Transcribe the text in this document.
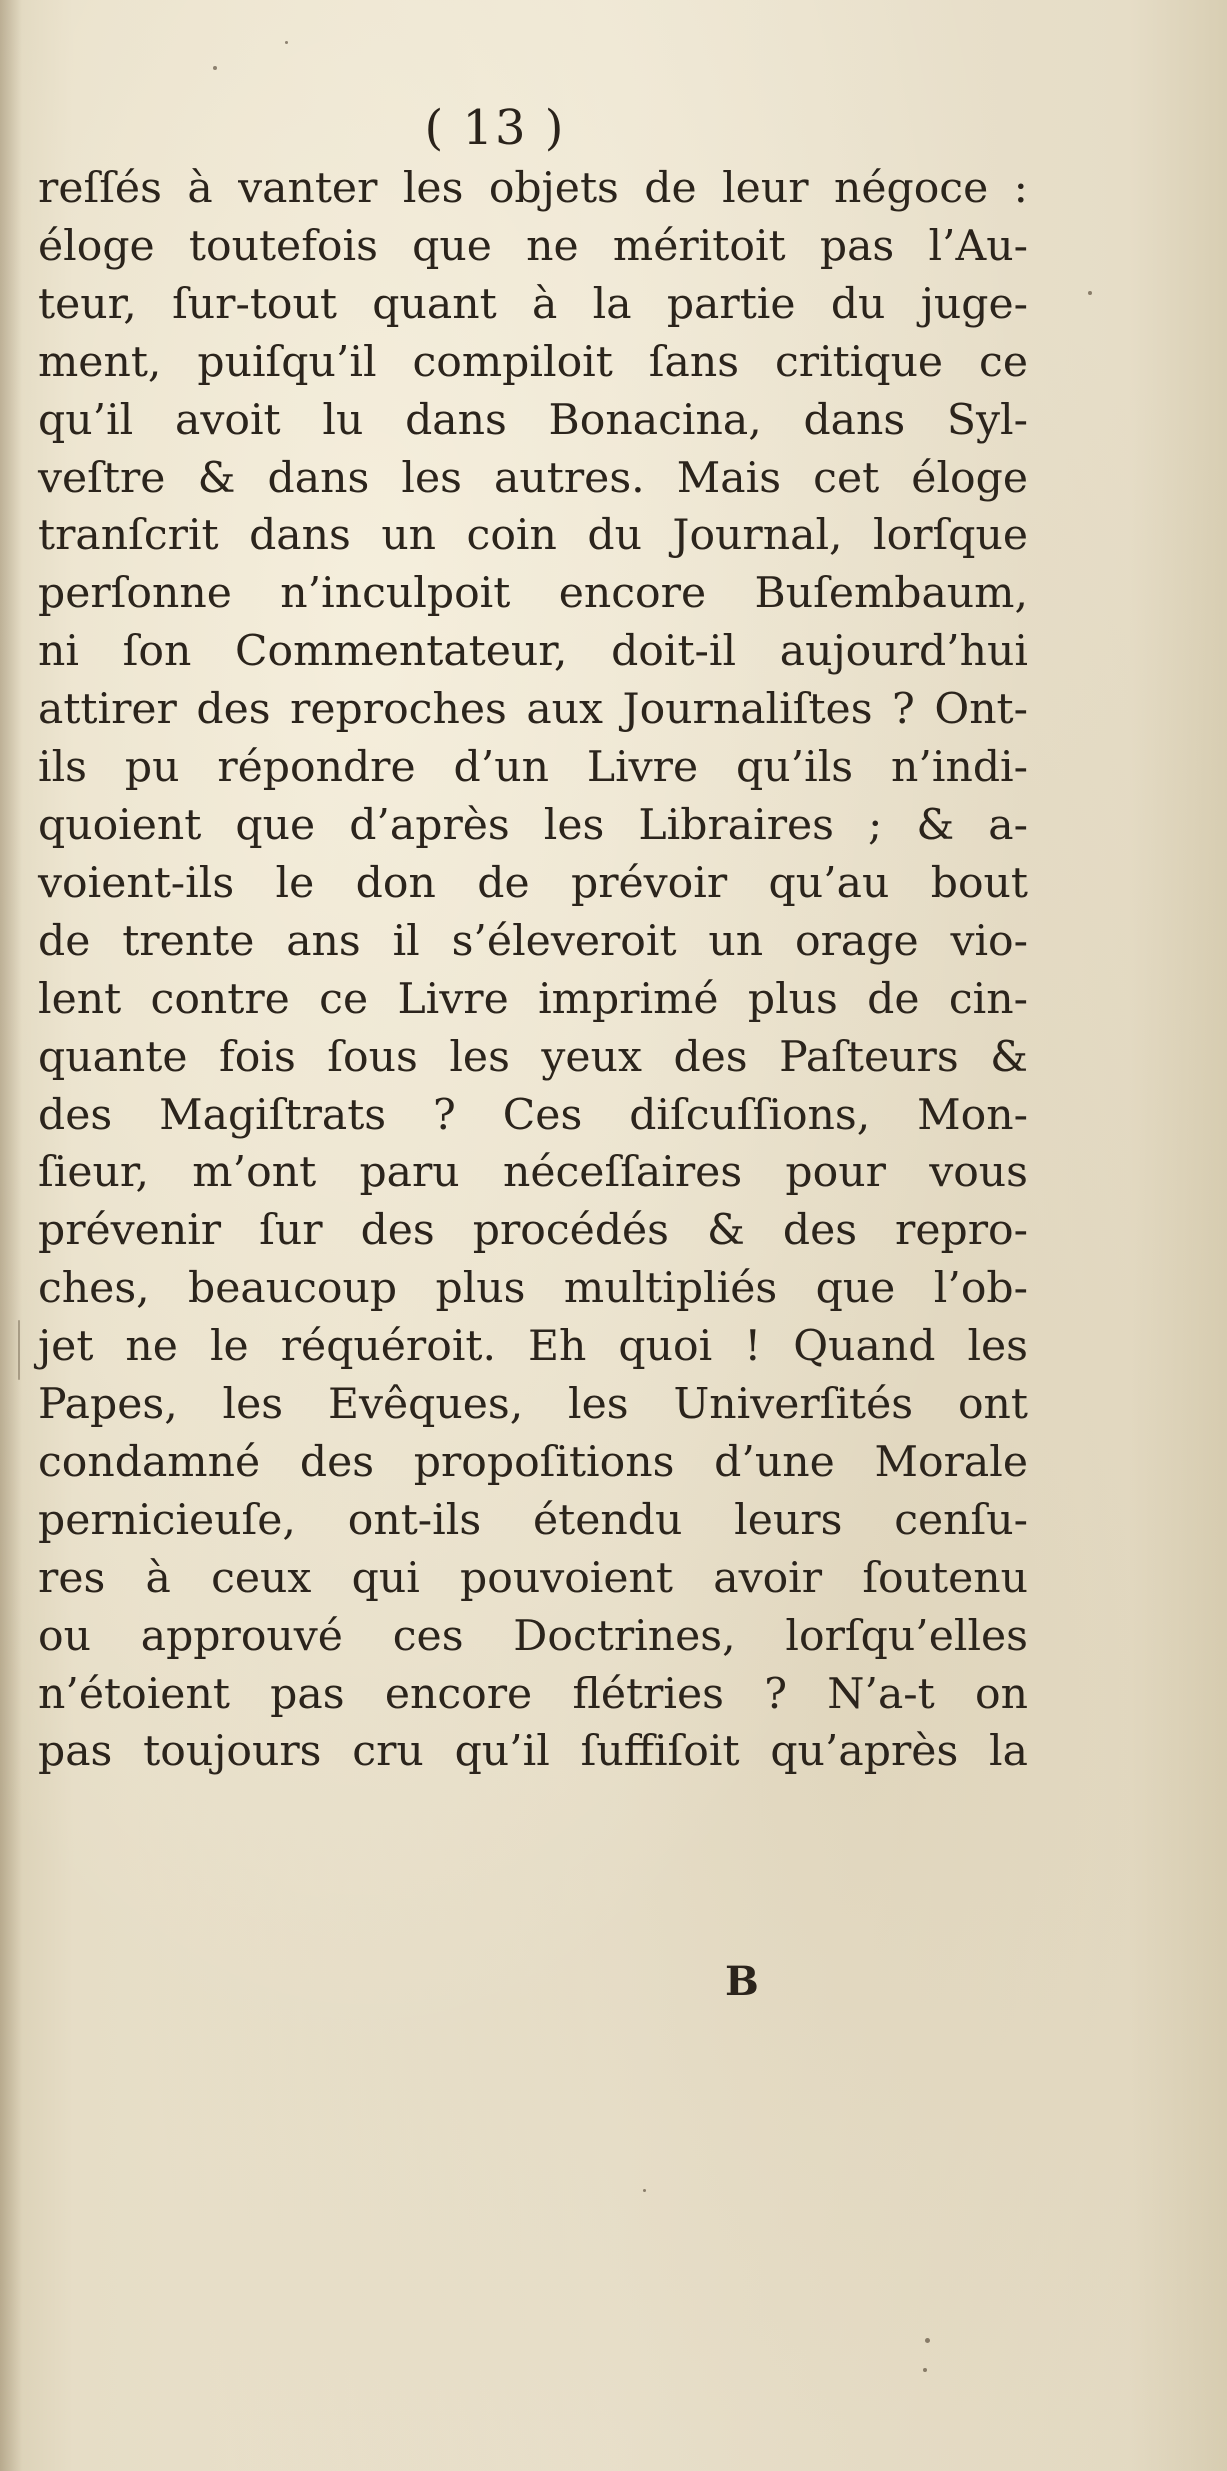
( 13 )
reſſés à vanter les objets de leur négoce :
éloge toutefois que ne méritoit pas l’Au-
teur, ſur-tout quant à la partie du juge-
ment, puiſqu’il compiloit ſans critique ce
qu’il avoit lu dans Bonacina, dans Syl-
veſtre & dans les autres. Mais cet éloge
tranſcrit dans un coin du Journal, lorſque
perſonne n’inculpoit encore Buſembaum,
ni ſon Commentateur, doit-il aujourd’hui
attirer des reproches aux Journaliſtes ? Ont-
ils pu répondre d’un Livre qu’ils n’indi-
quoient que d’après les Libraires ; & a-
voient-ils le don de prévoir qu’au bout
de trente ans il s’éleveroit un orage vio-
lent contre ce Livre imprimé plus de cin-
quante fois ſous les yeux des Paſteurs &
des Magiſtrats ? Ces diſcuſſions, Mon-
ſieur, m’ont paru néceſſaires pour vous
prévenir ſur des procédés & des repro-
ches, beaucoup plus multipliés que l’ob-
jet ne le réquéroit. Eh quoi ! Quand les
Papes, les Evêques, les Univerſités ont
condamné des propoſitions d’une Morale
pernicieuſe, ont-ils étendu leurs cenſu-
res à ceux qui pouvoient avoir ſoutenu
ou approuvé ces Doctrines, lorſqu’elles
n’étoient pas encore flétries ? N’a-t on
pas toujours cru qu’il ſuffiſoit qu’après la
B
